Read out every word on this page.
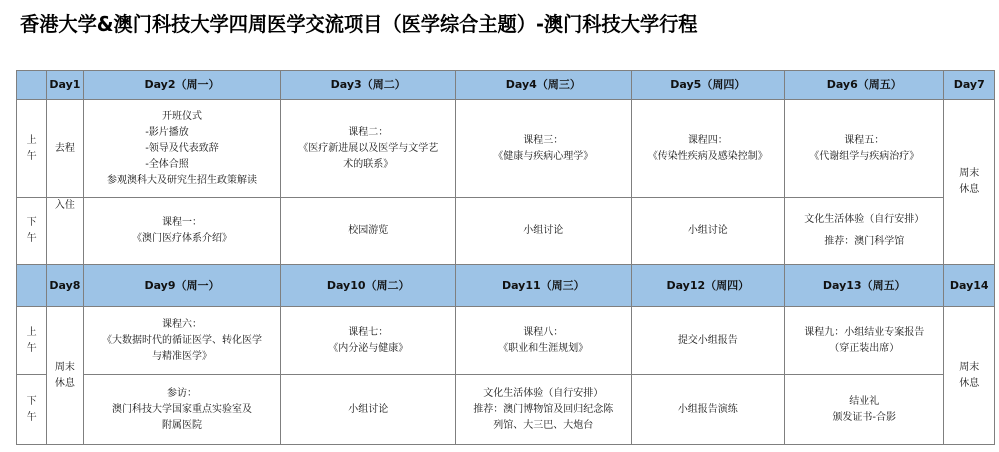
香港大学&澳门科技大学四周医学交流项目（医学综合主题）-澳门科技大学行程
	Day1	Day2（周一）	Day3（周二）	Day4（周三）	Day5（周四）	Day6（周五）	Day7

上
午	去程	开班仪式
-影片播放
-领导及代表致辞
-全体合照
参观澳科大及研究生招生政策解读	课程二：
《医疗新进展以及医学与文学艺
术的联系》	课程三：
《健康与疾病心理学》	课程四：
《传染性疾病及感染控制》	课程五：
《代谢组学与疾病治疗》	周末
休息

下
午	入住	课程一：
《澳门医疗体系介绍》	校园游览	小组讨论	小组讨论	文化生活体验（自行安排）
推荐：澳门科学馆	

	Day8	Day9（周一）	Day10（周二）	Day11（周三）	Day12（周四）	Day13（周五）	Day14

上
午	周末
休息	课程六：
《大数据时代的循证医学、转化医学
与精准医学》	课程七：
《内分泌与健康》	课程八：
《职业和生涯规划》	提交小组报告	课程九：小组结业专案报告
（穿正装出席）	周末
休息

下
午		参访：
澳门科技大学国家重点实验室及
附属医院	小组讨论	文化生活体验（自行安排）
推荐：澳门博物馆及回归纪念陈
列馆、大三巴、大炮台	小组报告演练	结业礼
颁发证书-合影	
